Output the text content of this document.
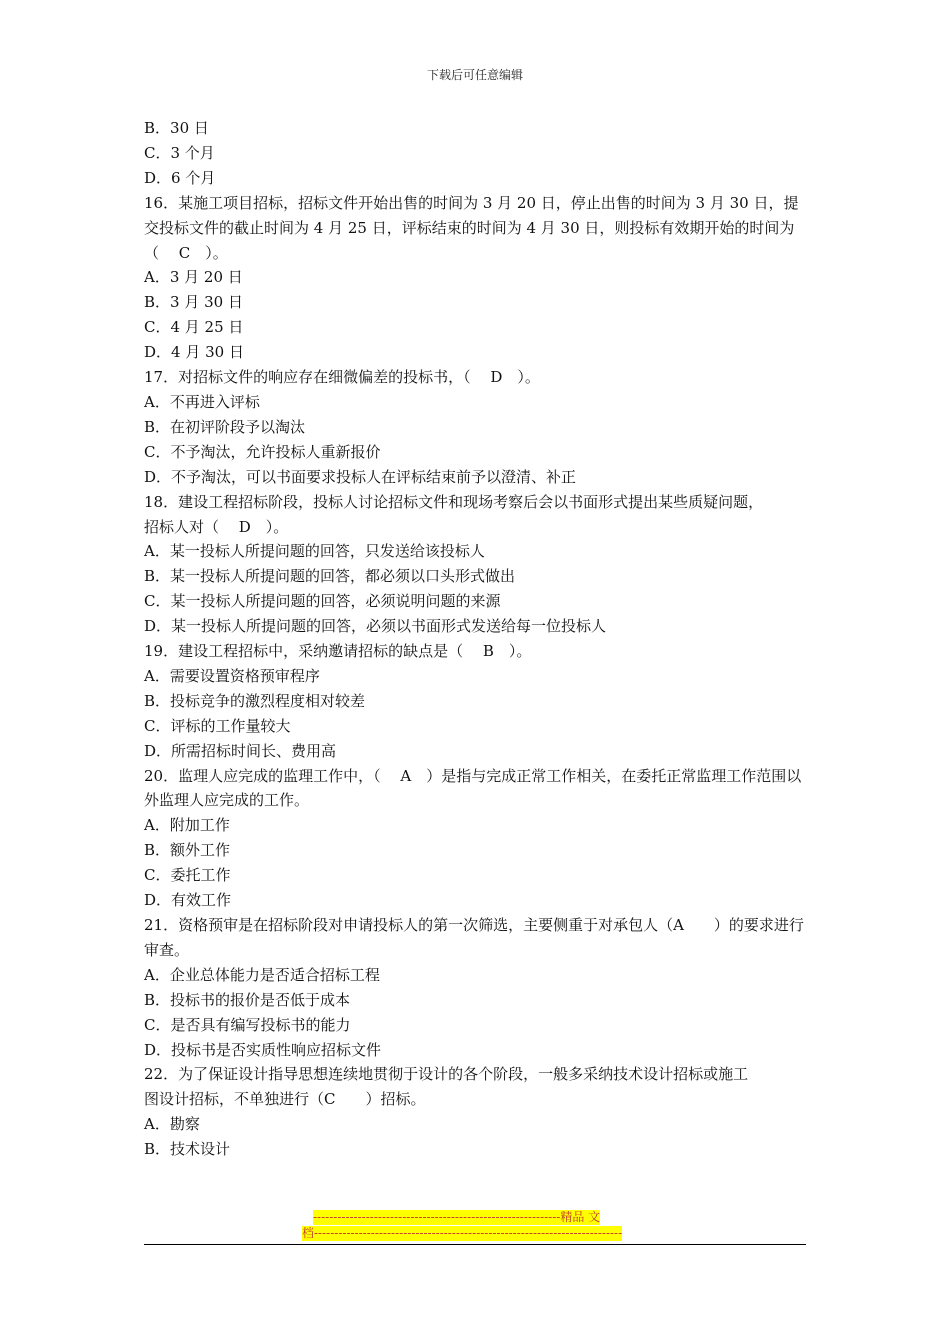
下载后可任意编辑
B．30 日
C．3 个月
D．6 个月
16．某施工项目招标，招标文件开始出售的时间为 3 月 20 日，停止出售的时间为 3 月 30 日，提交投标文件的截止时间为 4 月 25 日，评标结束的时间为 4 月 30 日，则投标有效期开始的时间为（　 C　）。
A．3 月 20 日
B．3 月 30 日
C．4 月 25 日
D．4 月 30 日
17．对招标文件的响应存在细微偏差的投标书，（　 D　）。
A．不再进入评标
B．在初评阶段予以淘汰
C．不予淘汰，允许投标人重新报价
D．不予淘汰，可以书面要求投标人在评标结束前予以澄清、补正
18．建设工程招标阶段，投标人讨论招标文件和现场考察后会以书面形式提出某些质疑问题，
招标人对（　 D　）。
A．某一投标人所提问题的回答，只发送给该投标人
B．某一投标人所提问题的回答，都必须以口头形式做出
C．某一投标人所提问题的回答，必须说明问题的来源
D．某一投标人所提问题的回答，必须以书面形式发送给每一位投标人
19．建设工程招标中，采纳邀请招标的缺点是（　 B　）。
A．需要设置资格预审程序
B．投标竞争的激烈程度相对较差
C．评标的工作量较大
D．所需招标时间长、费用高
20．监理人应完成的监理工作中，（　 A　）是指与完成正常工作相关，在委托正常监理工作范围以外监理人应完成的工作。
A．附加工作
B．额外工作
C．委托工作
D．有效工作
21．资格预审是在招标阶段对申请投标人的第一次筛选，主要侧重于对承包人（A　　）的要求进行审查。
A．企业总体能力是否适合招标工程
B．投标书的报价是否低于成本
C．是否具有编写投标书的能力
D．投标书是否实质性响应招标文件
22．为了保证设计指导思想连续地贯彻于设计的各个阶段，一般多采纳技术设计招标或施工
图设计招标，不单独进行（C　　）招标。
A．勘察
B．技术设计
-------------------------------------------------------------精品 文
档----------------------------------------------------------------------------
